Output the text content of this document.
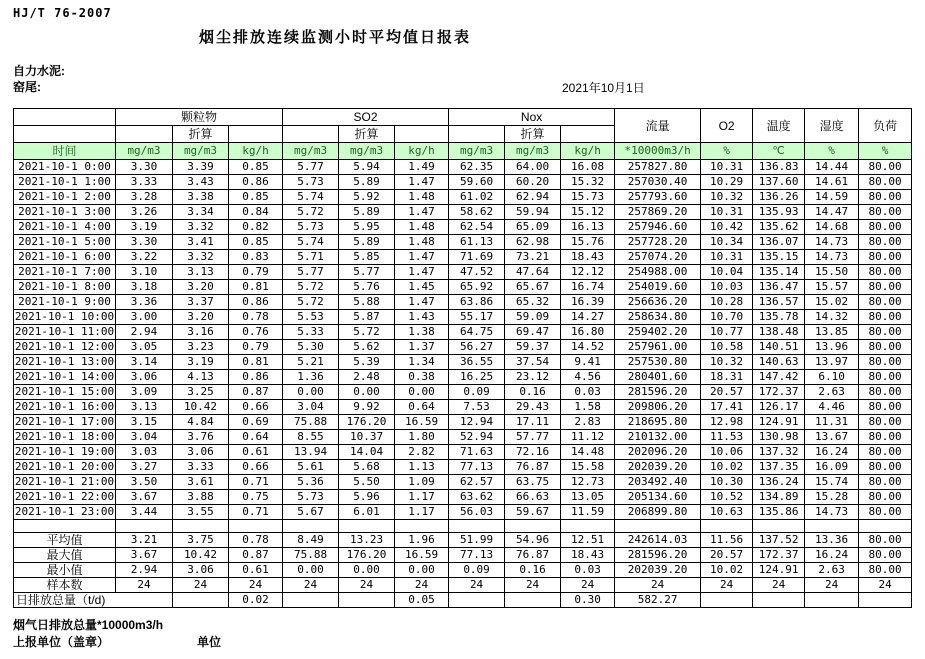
HJ/T 76-2007
烟尘排放连续监测小时平均值日报表
自力水泥:
窑尾:	2021年10月1日
	颗粒物			SO2			Nox			流量	O2	温度	湿度	负荷
		折算			折算			折算						
时间	mg/m3	mg/m3	kg/h	mg/m3	mg/m3	kg/h	mg/m3	mg/m3	kg/h	*10000m3/h	%	℃	%	%
2021-10-1 0:00	3.30	3.39	0.85	5.77	5.94	1.49	62.35	64.00	16.08	257827.80	10.31	136.83	14.44	80.00
2021-10-1 1:00	3.33	3.43	0.86	5.73	5.89	1.47	59.60	60.20	15.32	257030.40	10.29	137.60	14.61	80.00
2021-10-1 2:00	3.28	3.38	0.85	5.74	5.92	1.48	61.02	62.94	15.73	257793.60	10.32	136.26	14.59	80.00
2021-10-1 3:00	3.26	3.34	0.84	5.72	5.89	1.47	58.62	59.94	15.12	257869.20	10.31	135.93	14.47	80.00
2021-10-1 4:00	3.19	3.32	0.82	5.73	5.95	1.48	62.54	65.09	16.13	257946.60	10.42	135.62	14.68	80.00
2021-10-1 5:00	3.30	3.41	0.85	5.74	5.89	1.48	61.13	62.98	15.76	257728.20	10.34	136.07	14.73	80.00
2021-10-1 6:00	3.22	3.32	0.83	5.71	5.85	1.47	71.69	73.21	18.43	257074.20	10.31	135.15	14.73	80.00
2021-10-1 7:00	3.10	3.13	0.79	5.77	5.77	1.47	47.52	47.64	12.12	254988.00	10.04	135.14	15.50	80.00
2021-10-1 8:00	3.18	3.20	0.81	5.72	5.76	1.45	65.92	65.67	16.74	254019.60	10.03	136.47	15.57	80.00
2021-10-1 9:00	3.36	3.37	0.86	5.72	5.88	1.47	63.86	65.32	16.39	256636.20	10.28	136.57	15.02	80.00
2021-10-1 10:00	3.00	3.20	0.78	5.53	5.87	1.43	55.17	59.09	14.27	258634.80	10.70	135.78	14.32	80.00
2021-10-1 11:00	2.94	3.16	0.76	5.33	5.72	1.38	64.75	69.47	16.80	259402.20	10.77	138.48	13.85	80.00
2021-10-1 12:00	3.05	3.23	0.79	5.30	5.62	1.37	56.27	59.37	14.52	257961.00	10.58	140.51	13.96	80.00
2021-10-1 13:00	3.14	3.19	0.81	5.21	5.39	1.34	36.55	37.54	9.41	257530.80	10.32	140.63	13.97	80.00
2021-10-1 14:00	3.06	4.13	0.86	1.36	2.48	0.38	16.25	23.12	4.56	280401.60	18.31	147.42	6.10	80.00
2021-10-1 15:00	3.09	3.25	0.87	0.00	0.00	0.00	0.09	0.16	0.03	281596.20	20.57	172.37	2.63	80.00
2021-10-1 16:00	3.13	10.42	0.66	3.04	9.92	0.64	7.53	29.43	1.58	209806.20	17.41	126.17	4.46	80.00
2021-10-1 17:00	3.15	4.84	0.69	75.88	176.20	16.59	12.94	17.11	2.83	218695.80	12.98	124.91	11.31	80.00
2021-10-1 18:00	3.04	3.76	0.64	8.55	10.37	1.80	52.94	57.77	11.12	210132.00	11.53	130.98	13.67	80.00
2021-10-1 19:00	3.03	3.06	0.61	13.94	14.04	2.82	71.63	72.16	14.48	202096.20	10.06	137.32	16.24	80.00
2021-10-1 20:00	3.27	3.33	0.66	5.61	5.68	1.13	77.13	76.87	15.58	202039.20	10.02	137.35	16.09	80.00
2021-10-1 21:00	3.50	3.61	0.71	5.36	5.50	1.09	62.57	63.75	12.73	203492.40	10.30	136.24	15.74	80.00
2021-10-1 22:00	3.67	3.88	0.75	5.73	5.96	1.17	63.62	66.63	13.05	205134.60	10.52	134.89	15.28	80.00
2021-10-1 23:00	3.44	3.55	0.71	5.67	6.01	1.17	56.03	59.67	11.59	206899.80	10.63	135.86	14.73	80.00

平均值	3.21	3.75	0.78	8.49	13.23	1.96	51.99	54.96	12.51	242614.03	11.56	137.52	13.36	80.00
最大值	3.67	10.42	0.87	75.88	176.20	16.59	77.13	76.87	18.43	281596.20	20.57	172.37	16.24	80.00
最小值	2.94	3.06	0.61	0.00	0.00	0.00	0.09	0.16	0.03	202039.20	10.02	124.91	2.63	80.00
样本数	24	24	24	24	24	24	24	24	24	24	24	24	24	24
日排放总量（t/d)			0.02			0.05			0.30	582.27				
烟气日排放总量*10000m3/h
上报单位（盖章）	单位
